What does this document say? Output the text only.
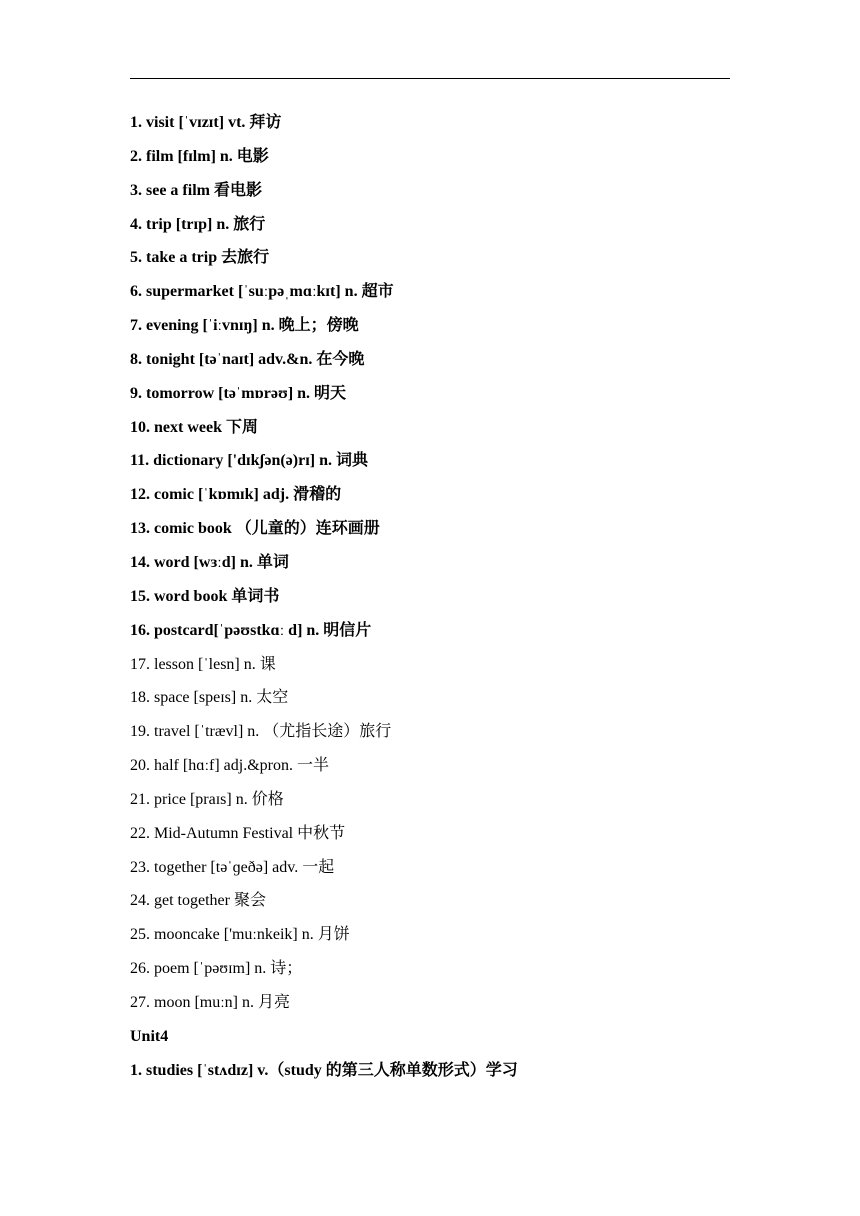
1. visit [ˈvɪzɪt] vt. 拜访
2. film [fɪlm] n. 电影
3. see a film 看电影
4. trip [trɪp] n. 旅行
5. take a trip 去旅行
6. supermarket [ˈsuːpəˌmɑːkɪt] n. 超市
7. evening [ˈiːvnɪŋ] n. 晚上；傍晚
8. tonight [təˈnaɪt] adv.&n. 在今晚
9. tomorrow [təˈmɒrəʊ] n. 明天
10. next week 下周
11. dictionary ['dɪkʃən(ə)rɪ] n. 词典
12. comic [ˈkɒmɪk] adj. 滑稽的
13. comic book （儿童的）连环画册
14. word [wɜːd] n. 单词
15. word book 单词书
16. postcard[ˈpəʊstkɑː d] n. 明信片
17. lesson [ˈlesn] n. 课
18. space [speɪs] n. 太空
19. travel [ˈtrævl] n. （尤指长途）旅行
20. half [hɑːf] adj.&pron. 一半
21. price [praɪs] n. 价格
22. Mid-Autumn Festival 中秋节
23. together [təˈɡeðə] adv. 一起
24. get together 聚会
25. mooncake ['muːnkeik] n. 月饼
26. poem [ˈpəʊɪm] n. 诗；
27. moon [muːn] n. 月亮
Unit4
1. studies [ˈstʌdɪz] v.（study 的第三人称单数形式）学习
